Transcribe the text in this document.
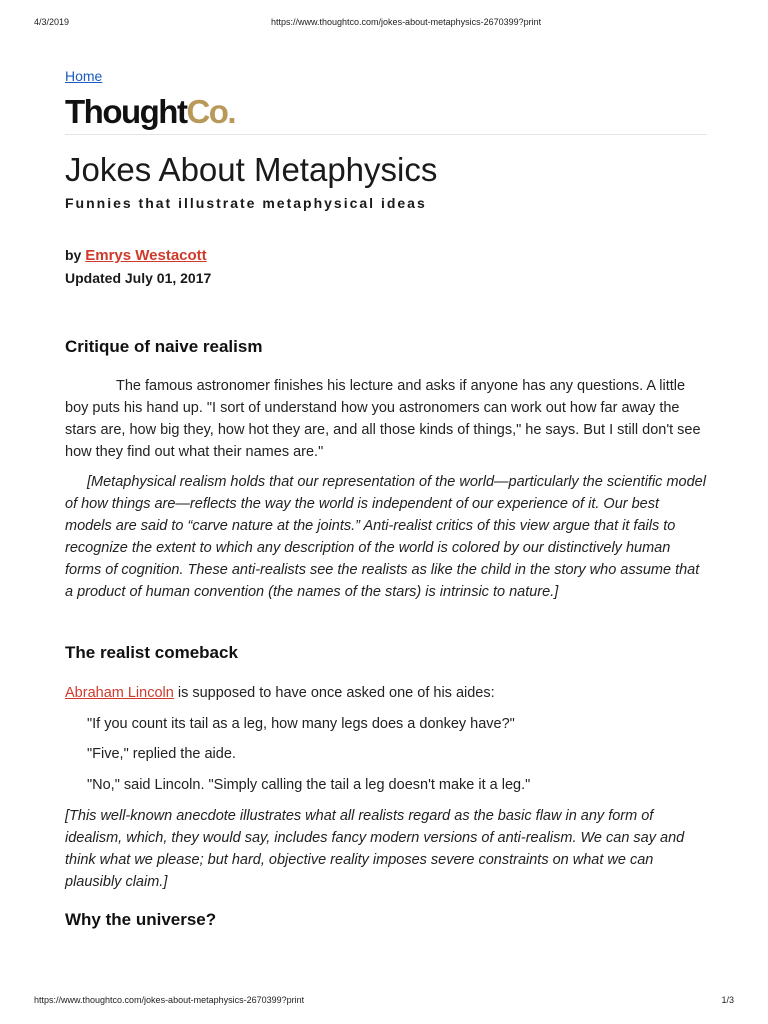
4/3/2019	https://www.thoughtco.com/jokes-about-metaphysics-2670399?print
Home
ThoughtCo.
Jokes About Metaphysics
Funnies that illustrate metaphysical ideas
by Emrys Westacott
Updated July 01, 2017
Critique of naive realism

The famous astronomer finishes his lecture and asks if anyone has any questions. A little boy puts his hand up. "I sort of understand how you astronomers can work out how far away the stars are, how big they, how hot they are, and all those kinds of things," he says. But I still don't see how they find out what their names are."

[Metaphysical realism holds that our representation of the world—particularly the scientific model of how things are—reflects the way the world is independent of our experience of it. Our best models are said to “carve nature at the joints.” Anti-realist critics of this view argue that it fails to recognize the extent to which any description of the world is colored by our distinctively human forms of cognition. These anti-realists see the realists as like the child in the story who assume that a product of human convention (the names of the stars) is intrinsic to nature.]

The realist comeback

Abraham Lincoln is supposed to have once asked one of his aides:

"If you count its tail as a leg, how many legs does a donkey have?"

"Five," replied the aide.

"No," said Lincoln. "Simply calling the tail a leg doesn't make it a leg."

[This well-known anecdote illustrates what all realists regard as the basic flaw in any form of idealism, which, they would say, includes fancy modern versions of anti-realism. We can say and think what we please; but hard, objective reality imposes severe constraints on what we can plausibly claim.]

Why the universe?
https://www.thoughtco.com/jokes-about-metaphysics-2670399?print	1/3
